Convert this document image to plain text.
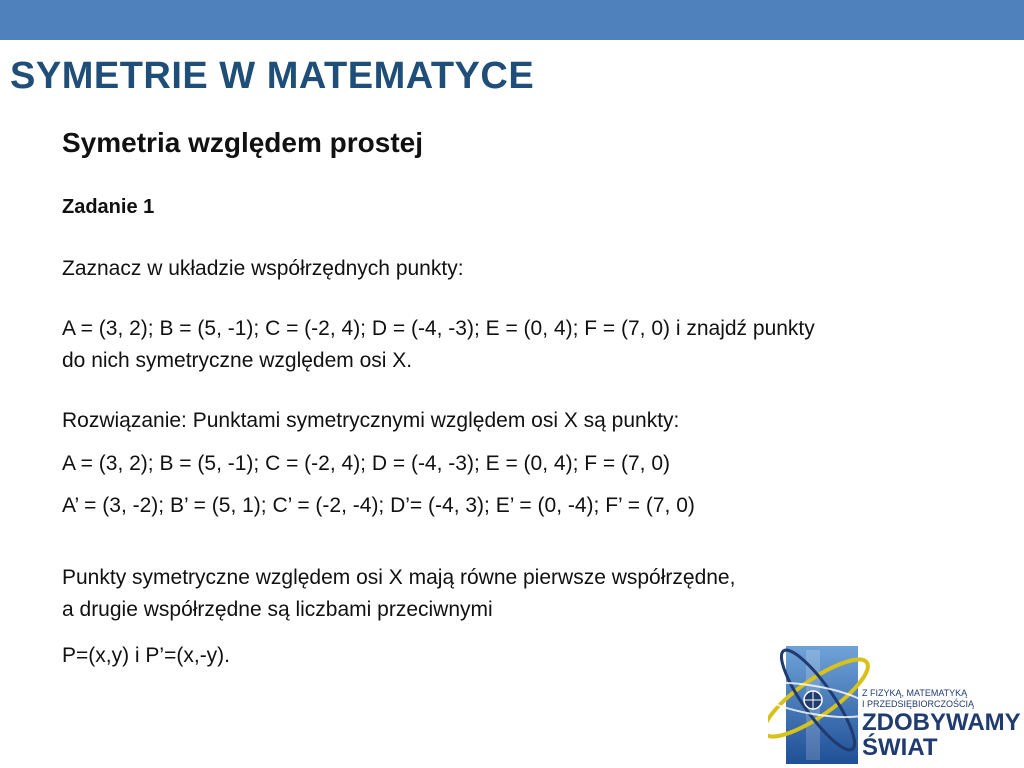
SYMETRIE W MATEMATYCE
Symetria względem prostej
Zadanie 1
Zaznacz w układzie współrzędnych punkty:
A = (3, 2); B = (5, -1); C = (-2, 4); D = (-4, -3); E = (0, 4); F = (7, 0) i znajdź punkty
do nich symetryczne względem osi X.
Rozwiązanie: Punktami symetrycznymi względem osi X są punkty:
A = (3, 2); B = (5, -1); C = (-2, 4); D = (-4, -3); E = (0, 4); F = (7, 0)
A’ = (3, -2); B’ = (5, 1); C’ = (-2, -4); D’= (-4, 3); E’ = (0, -4); F’ = (7, 0)
Punkty symetryczne względem osi X mają równe pierwsze współrzędne,
a drugie współrzędne są liczbami przeciwnymi
P=(x,y) i P’=(x,-y).
Z FIZYKĄ, MATEMATYKĄ
I PRZEDSIĘBIORCZOŚCIĄ
ZDOBYWAMY
ŚWIAT
